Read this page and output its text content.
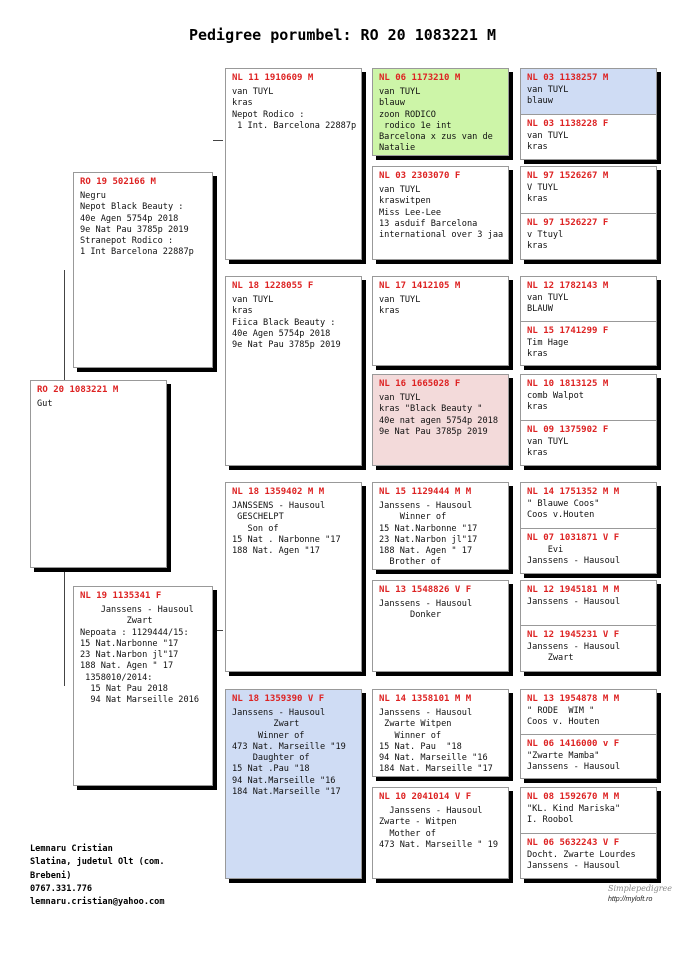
Pedigree porumbel: RO 20 1083221 M
RO 20 1083221 M
Gut
RO 19 502166 M
Negru
Nepot Black Beauty :
40e Agen 5754p 2018
9e Nat Pau 3785p 2019
Stranepot Rodico :
1 Int Barcelona 22887p
NL 19 1135341 F
Janssens - Hausoul
Zwart
Nepoata : 1129444/15:
15 Nat.Narbonne "17
23 Nat.Narbon jl"17
188 Nat. Agen " 17
1358010/2014:
15 Nat Pau 2018
94 Nat Marseille 2016
NL 11 1910609 M
van TUYL
kras
Nepot Rodico :
1 Int. Barcelona 22887p
NL 18 1228055 F
van TUYL
kras
Fiica Black Beauty :
40e Agen 5754p 2018
9e Nat Pau 3785p 2019
NL 18 1359402 M M
JANSSENS - Hausoul
GESCHELPT
Son of
15 Nat . Narbonne "17
188 Nat. Agen "17
NL 18 1359390 V F
Janssens - Hausoul
Zwart
Winner of
473 Nat. Marseille "19
Daughter of
15 Nat .Pau "18
94 Nat.Marseille "16
184 Nat.Marseille "17
NL 06 1173210 M
van TUYL
blauw
zoon RODICO
rodico 1e int
Barcelona x zus van de
Natalie
NL 03 2303070 F
van TUYL
kraswitpen
Miss Lee-Lee
13 asduif Barcelona
international over 3 jaa
NL 17 1412105 M
van TUYL
kras
NL 16 1665028 F
van TUYL
kras "Black Beauty "
40e nat agen 5754p 2018
9e Nat Pau 3785p 2019
NL 15 1129444 M M
Janssens - Hausoul
Winner of
15 Nat.Narbonne "17
23 Nat.Narbon jl"17
188 Nat. Agen " 17
Brother of
NL 13 1548826 V F
Janssens - Hausoul
Donker
NL 14 1358101 M M
Janssens - Hausoul
Zwarte Witpen
Winner of
15 Nat. Pau  "18
94 Nat. Marseille "16
184 Nat. Marseille "17
NL 10 2041014 V F
Janssens - Hausoul
Zwarte - Witpen
Mother of
473 Nat. Marseille " 19
NL 03 1138257 M
van TUYL
blauw
NL 03 1138228 F
van TUYL
kras
NL 97 1526267 M
V TUYL
kras
NL 97 1526227 F
v Ttuyl
kras
NL 12 1782143 M
van TUYL
BLAUW
NL 15 1741299 F
Tim Hage
kras
NL 10 1813125 M
comb Walpot
kras
NL 09 1375902 F
van TUYL
kras
NL 14 1751352 M M
" Blauwe Coos"
Coos v.Houten
NL 07 1031871 V F
Evi
Janssens - Hausoul
NL 12 1945181 M M
Janssens - Hausoul
NL 12 1945231 V F
Janssens - Hausoul
Zwart
NL 13 1954878 M M
" RODE  WIM "
Coos v. Houten
NL 06 1416000 v F
"Zwarte Mamba"
Janssens - Hausoul
NL 08 1592670 M M
"KL. Kind Mariska"
I. Roobol
NL 06 5632243 V F
Docht. Zwarte Lourdes
Janssens - Hausoul
Lemnaru Cristian
Slatina, judetul Olt (com.
Brebeni)
0767.331.776
lemnaru.cristian@yahoo.com
Simplepedigree
http://myloft.ro
